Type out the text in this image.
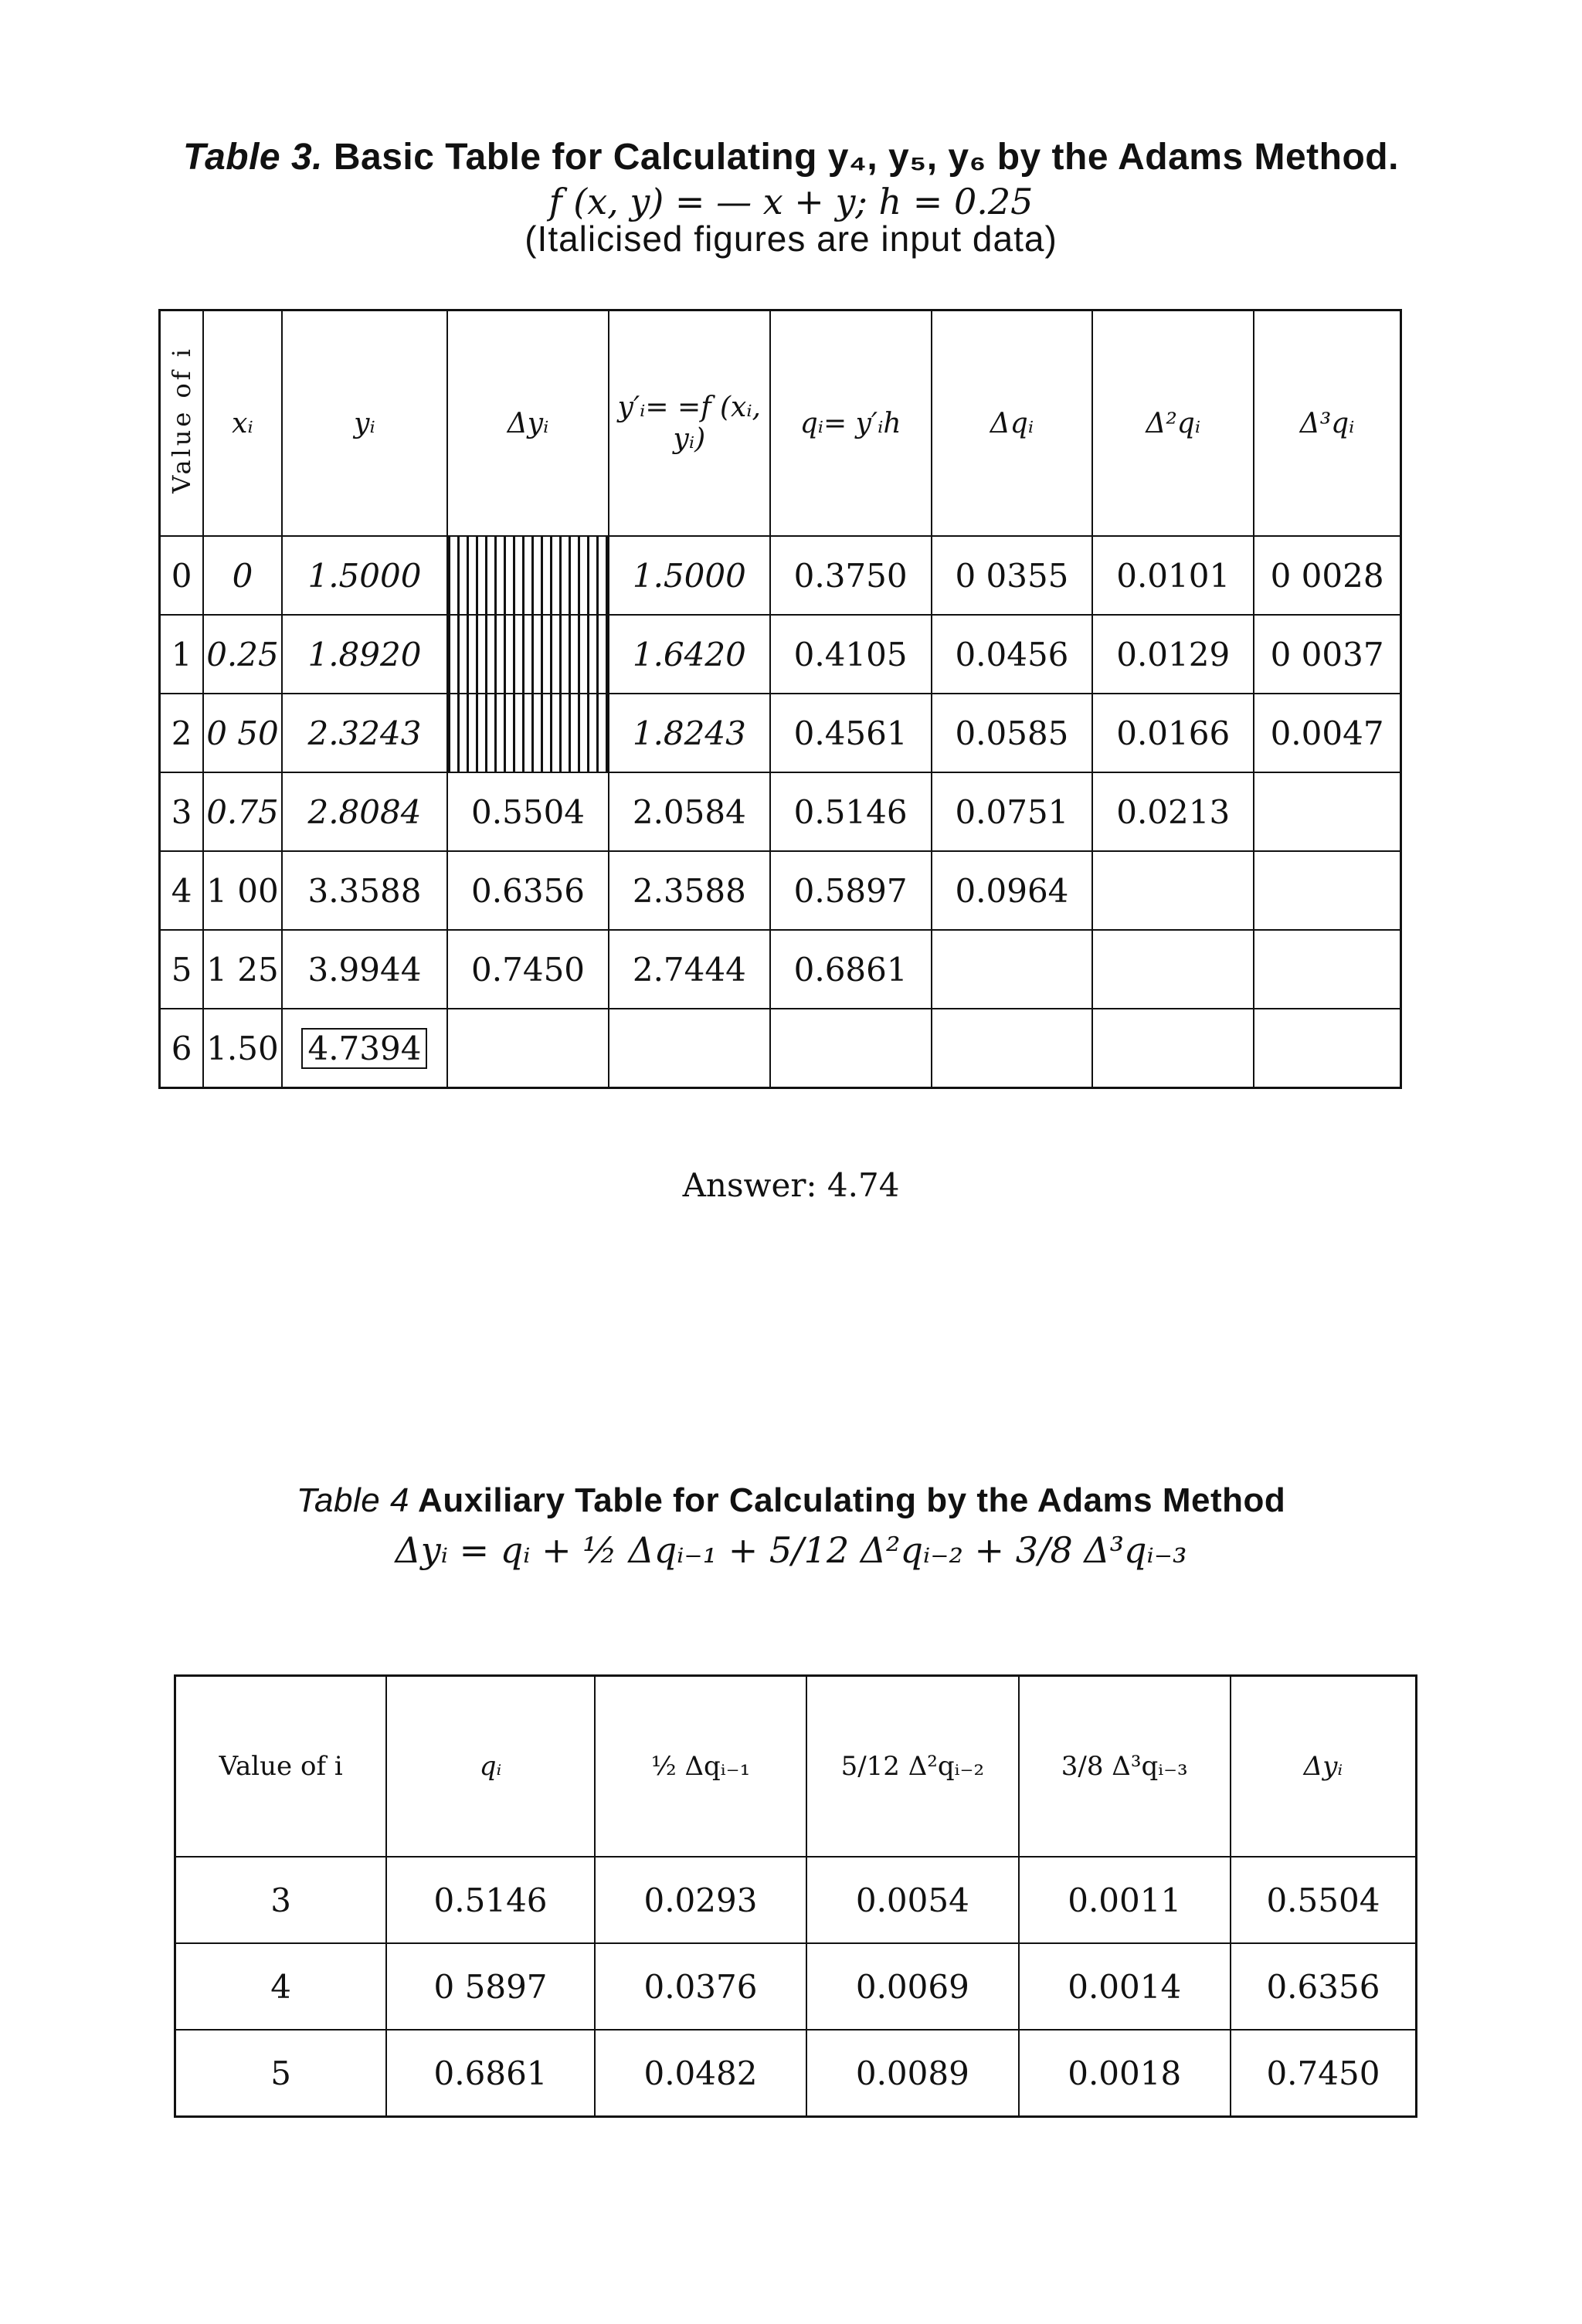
Table 3. Basic Table for Calculating y₄, y₅, y₆ by the Adams Method.
f (x, y) = — x + y; h = 0.25
(Italicised figures are input data)
Value of i	xᵢ	yᵢ	Δyᵢ	y′ᵢ= =f (xᵢ, yᵢ)	qᵢ= y′ᵢh	Δqᵢ	Δ²qᵢ	Δ³qᵢ
0	0	1.5000		1.5000	0.3750	0 0355	0.0101	0 0028
1	0.25	1.8920		1.6420	0.4105	0.0456	0.0129	0 0037
2	0 50	2.3243		1.8243	0.4561	0.0585	0.0166	0.0047
3	0.75	2.8084	0.5504	2.0584	0.5146	0.0751	0.0213	
4	1 00	3.3588	0.6356	2.3588	0.5897	0.0964		
5	1 25	3.9944	0.7450	2.7444	0.6861			
6	1.50	4.7394						
Answer: 4.74
Table 4 Auxiliary Table for Calculating by the Adams Method
Δyᵢ = qᵢ + ½ Δqᵢ₋₁ + 5/12 Δ²qᵢ₋₂ + 3/8 Δ³qᵢ₋₃
Value of i	qᵢ	½ Δqᵢ₋₁	5/12 Δ²qᵢ₋₂	3/8 Δ³qᵢ₋₃	Δyᵢ
3	0.5146	0.0293	0.0054	0.0011	0.5504
4	0 5897	0.0376	0.0069	0.0014	0.6356
5	0.6861	0.0482	0.0089	0.0018	0.7450
